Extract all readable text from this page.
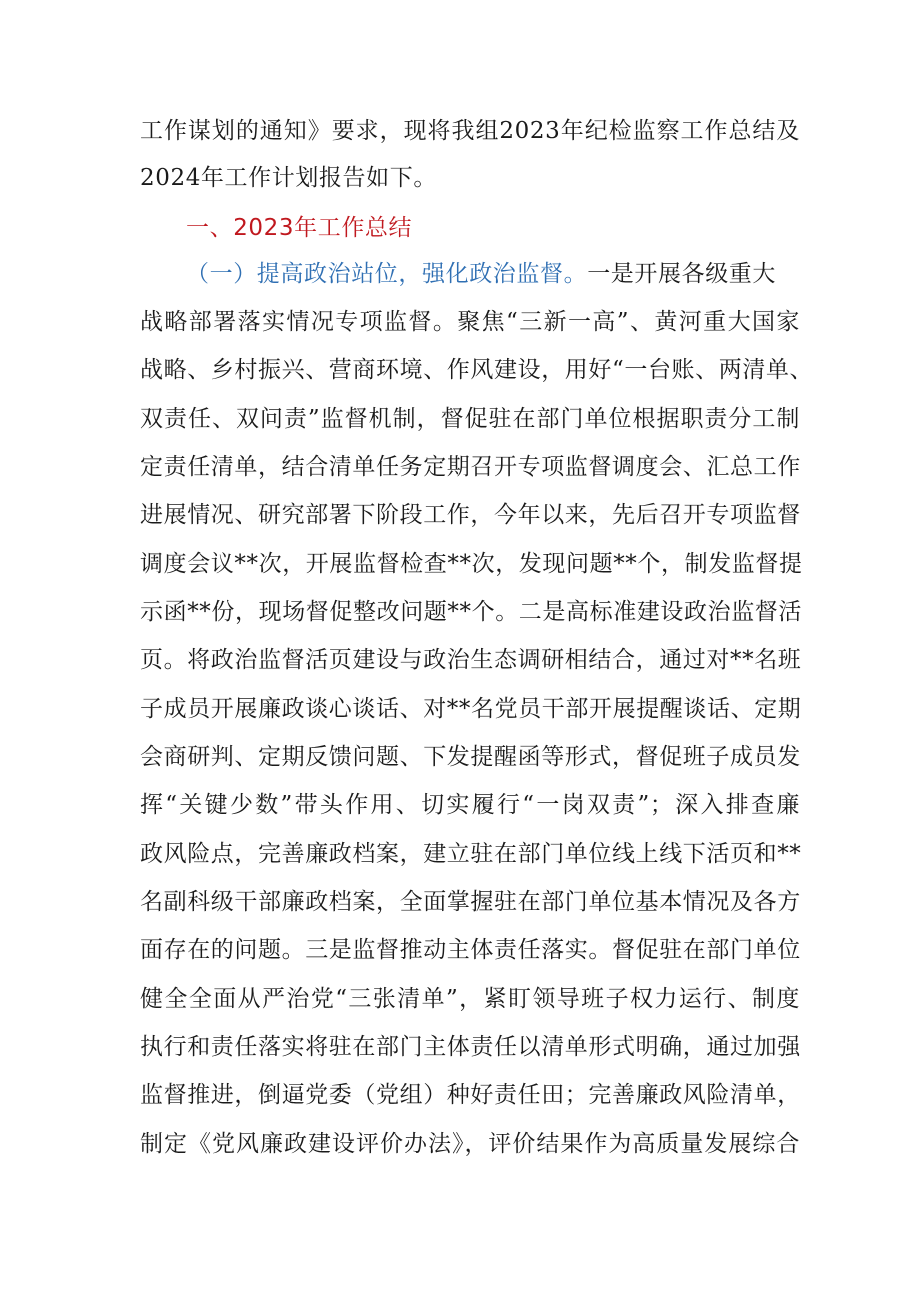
工作谋划的通知》要求，现将我组2023年纪检监察工作总结及
2024年工作计划报告如下。
一、2023年工作总结
（一）提高政治站位，强化政治监督。一是开展各级重大
战略部署落实情况专项监督。聚焦“三新一高”、黄河重大国家
战略、乡村振兴、营商环境、作风建设，用好“一台账、两清单、
双责任、双问责”监督机制，督促驻在部门单位根据职责分工制
定责任清单，结合清单任务定期召开专项监督调度会、汇总工作
进展情况、研究部署下阶段工作，今年以来，先后召开专项监督
调度会议**次，开展监督检查**次，发现问题**个，制发监督提
示函**份，现场督促整改问题**个。二是高标准建设政治监督活
页。将政治监督活页建设与政治生态调研相结合，通过对**名班
子成员开展廉政谈心谈话、对**名党员干部开展提醒谈话、定期
会商研判、定期反馈问题、下发提醒函等形式，督促班子成员发
挥“关键少数”带头作用、切实履行“一岗双责”；深入排查廉
政风险点，完善廉政档案，建立驻在部门单位线上线下活页和**
名副科级干部廉政档案，全面掌握驻在部门单位基本情况及各方
面存在的问题。三是监督推动主体责任落实。督促驻在部门单位
健全全面从严治党“三张清单”，紧盯领导班子权力运行、制度
执行和责任落实将驻在部门主体责任以清单形式明确，通过加强
监督推进，倒逼党委（党组）种好责任田；完善廉政风险清单，
制定《党风廉政建设评价办法》，评价结果作为高质量发展综合
